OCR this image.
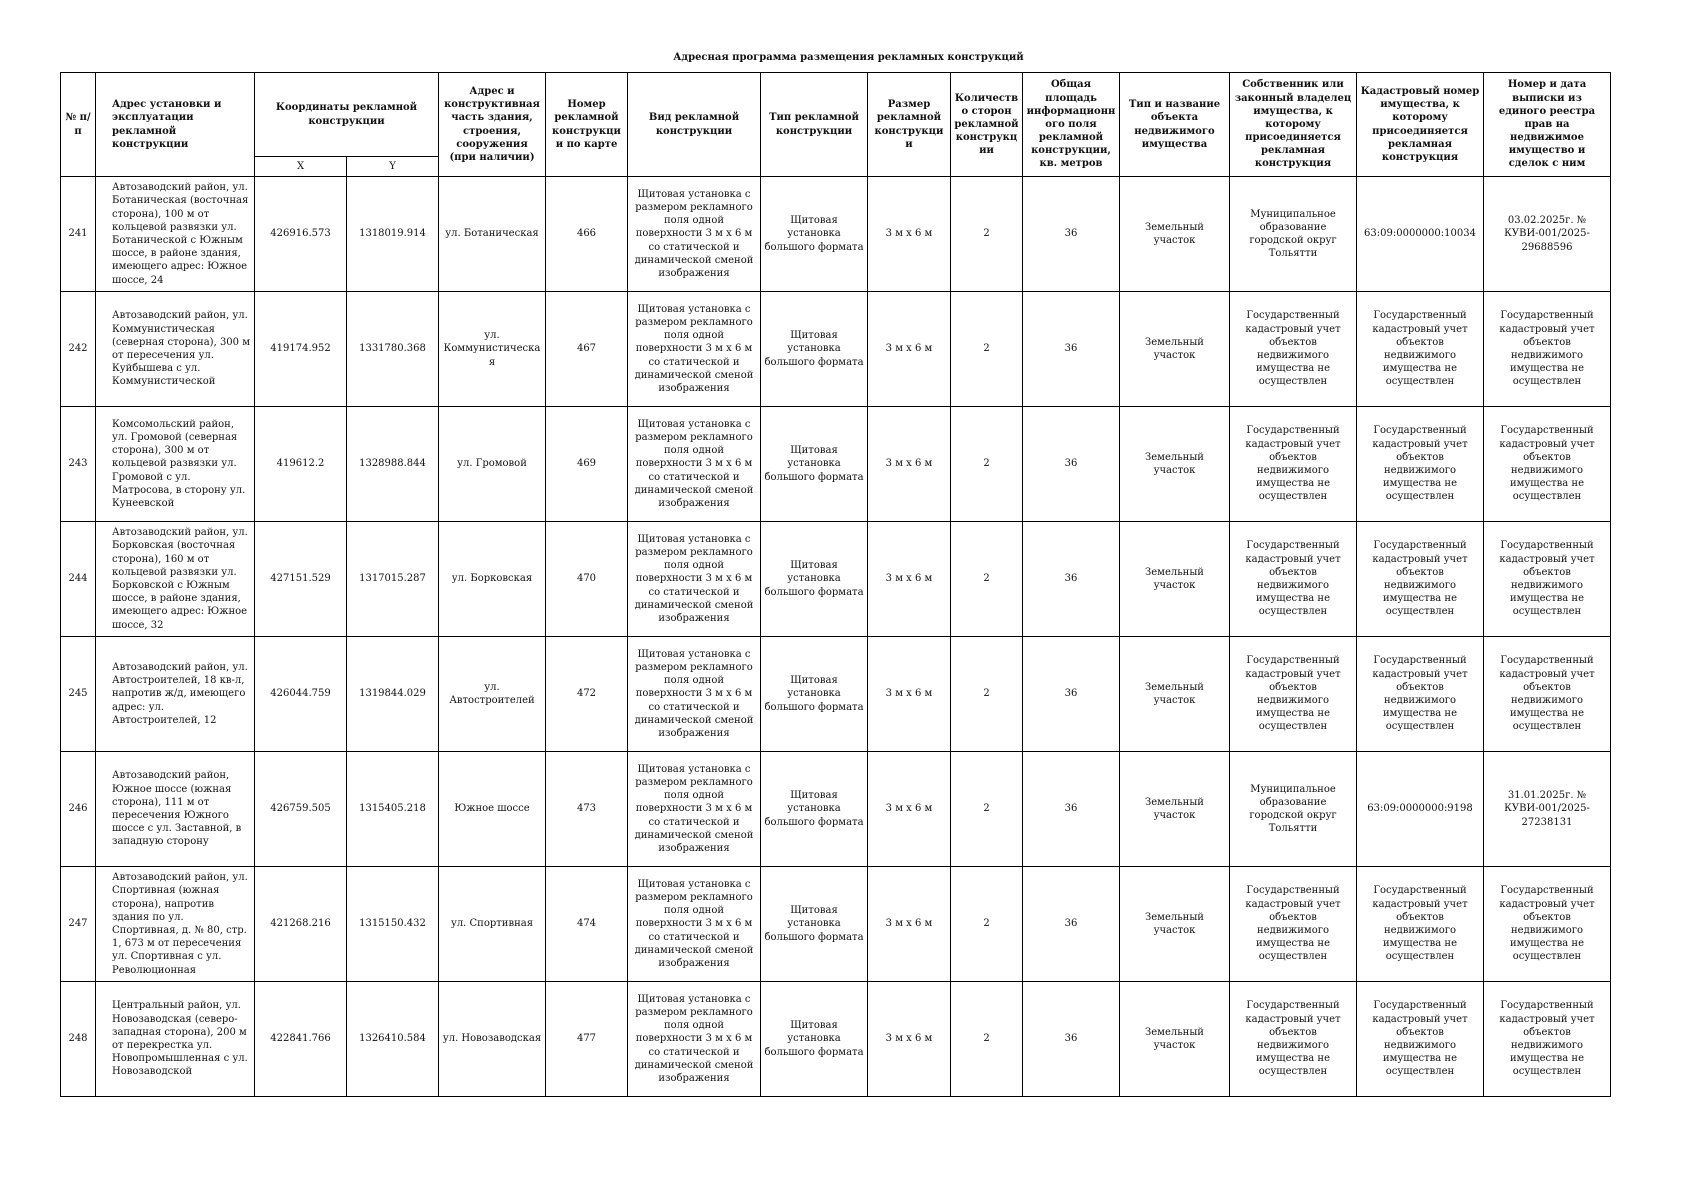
Адресная программа размещения рекламных конструкций
№ п/п	Адрес установки и эксплуатации рекламной конструкции	Координаты рекламной конструкции		Адрес и конструктивная часть здания, строения, сооружения (при наличии)	Номер рекламной конструкции по карте	Вид рекламной конструкции	Тип рекламной конструкции	Размер рекламной конструкции	Количество сторон рекламной конструкции	Общая площадь информационного поля рекламной конструкции, кв. метров	Тип и название объекта недвижимого имущества	Собственник или законный владелец имущества, к которому присоединяется рекламная конструкция	Кадастровый номер имущества, к которому присоединяется рекламная конструкция	Номер и дата выписки из единого реестра прав на недвижимое имущество и сделок с ним
		X	Y											
241	Автозаводский район, ул. Ботаническая (восточная сторона), 100 м от кольцевой развязки ул. Ботанической с Южным шоссе, в районе здания, имеющего адрес: Южное шоссе, 24	426916.573	1318019.914	ул. Ботаническая	466	Щитовая установка с размером рекламного поля одной поверхности 3 м х 6 м со статической и динамической сменой изображения	Щитовая установка большого формата	3 м х 6 м	2	36	Земельный участок	Муниципальное образование городской округ Тольятти	63:09:0000000:10034	03.02.2025г. № КУВИ-001/2025-29688596
242	Автозаводский район, ул. Коммунистическая (северная сторона), 300 м от пересечения ул. Куйбышева с ул. Коммунистической	419174.952	1331780.368	ул. Коммунистическая	467	Щитовая установка с размером рекламного поля одной поверхности 3 м х 6 м со статической и динамической сменой изображения	Щитовая установка большого формата	3 м х 6 м	2	36	Земельный участок	Государственный кадастровый учет объектов недвижимого имущества не осуществлен	Государственный кадастровый учет объектов недвижимого имущества не осуществлен	Государственный кадастровый учет объектов недвижимого имущества не осуществлен
243	Комсомольский район, ул. Громовой (северная сторона), 300 м от кольцевой развязки ул. Громовой с ул. Матросова, в сторону ул. Кунеевской	419612.2	1328988.844	ул. Громовой	469	Щитовая установка с размером рекламного поля одной поверхности 3 м х 6 м со статической и динамической сменой изображения	Щитовая установка большого формата	3 м х 6 м	2	36	Земельный участок	Государственный кадастровый учет объектов недвижимого имущества не осуществлен	Государственный кадастровый учет объектов недвижимого имущества не осуществлен	Государственный кадастровый учет объектов недвижимого имущества не осуществлен
244	Автозаводский район, ул. Борковская (восточная сторона), 160 м от кольцевой развязки ул. Борковской с Южным шоссе, в районе здания, имеющего адрес: Южное шоссе, 32	427151.529	1317015.287	ул. Борковская	470	Щитовая установка с размером рекламного поля одной поверхности 3 м х 6 м со статической и динамической сменой изображения	Щитовая установка большого формата	3 м х 6 м	2	36	Земельный участок	Государственный кадастровый учет объектов недвижимого имущества не осуществлен	Государственный кадастровый учет объектов недвижимого имущества не осуществлен	Государственный кадастровый учет объектов недвижимого имущества не осуществлен
245	Автозаводский район, ул. Автостроителей, 18 кв-л, напротив ж/д, имеющего адрес: ул. Автостроителей, 12	426044.759	1319844.029	ул. Автостроителей	472	Щитовая установка с размером рекламного поля одной поверхности 3 м х 6 м со статической и динамической сменой изображения	Щитовая установка большого формата	3 м х 6 м	2	36	Земельный участок	Государственный кадастровый учет объектов недвижимого имущества не осуществлен	Государственный кадастровый учет объектов недвижимого имущества не осуществлен	Государственный кадастровый учет объектов недвижимого имущества не осуществлен
246	Автозаводский район, Южное шоссе (южная сторона), 111 м от пересечения Южного шоссе с ул. Заставной, в западную сторону	426759.505	1315405.218	Южное шоссе	473	Щитовая установка с размером рекламного поля одной поверхности 3 м х 6 м со статической и динамической сменой изображения	Щитовая установка большого формата	3 м х 6 м	2	36	Земельный участок	Муниципальное образование городской округ Тольятти	63:09:0000000:9198	31.01.2025г. № КУВИ-001/2025-27238131
247	Автозаводский район, ул. Спортивная (южная сторона), напротив здания по ул. Спортивная, д. № 80, стр. 1, 673 м от пересечения ул. Спортивная с ул. Революционная	421268.216	1315150.432	ул. Спортивная	474	Щитовая установка с размером рекламного поля одной поверхности 3 м х 6 м со статической и динамической сменой изображения	Щитовая установка большого формата	3 м х 6 м	2	36	Земельный участок	Государственный кадастровый учет объектов недвижимого имущества не осуществлен	Государственный кадастровый учет объектов недвижимого имущества не осуществлен	Государственный кадастровый учет объектов недвижимого имущества не осуществлен
248	Центральный район, ул. Новозаводская (северо-западная сторона), 200 м от перекрестка ул. Новопромышленная с ул. Новозаводской	422841.766	1326410.584	ул. Новозаводская	477	Щитовая установка с размером рекламного поля одной поверхности 3 м х 6 м со статической и динамической сменой изображения	Щитовая установка большого формата	3 м х 6 м	2	36	Земельный участок	Государственный кадастровый учет объектов недвижимого имущества не осуществлен	Государственный кадастровый учет объектов недвижимого имущества не осуществлен	Государственный кадастровый учет объектов недвижимого имущества не осуществлен
